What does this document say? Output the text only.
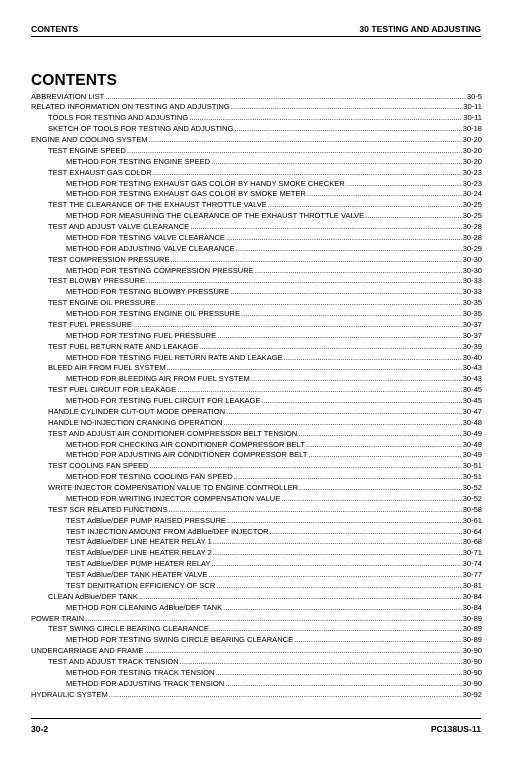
CONTENTS	30 TESTING AND ADJUSTING
CONTENTS
ABBREVIATION LIST .....	30-5
RELATED INFORMATION ON TESTING AND ADJUSTING .....	30-11
TOOLS FOR TESTING AND ADJUSTING .....	30-11
SKETCH OF TOOLS FOR TESTING AND ADJUSTING .....	30-18
ENGINE AND COOLING SYSTEM .....	30-20
TEST ENGINE SPEED .....	30-20
METHOD FOR TESTING ENGINE SPEED .....	30-20
TEST EXHAUST GAS COLOR .....	30-23
METHOD FOR TESTING EXHAUST GAS COLOR BY HANDY SMOKE CHECKER .....	30-23
METHOD FOR TESTING EXHAUST GAS COLOR BY SMOKE METER .....	30-24
TEST THE CLEARANCE OF THE EXHAUST THROTTLE VALVE .....	30-25
METHOD FOR MEASURING THE CLEARANCE OF THE EXHAUST THROTTLE VALVE .....	30-25
TEST AND ADJUST VALVE CLEARANCE .....	30-28
METHOD FOR TESTING VALVE CLEARANCE .....	30-28
METHOD FOR ADJUSTING VALVE CLEARANCE .....	30-29
TEST COMPRESSION PRESSURE .....	30-30
METHOD FOR TESTING COMPRESSION PRESSURE .....	30-30
TEST BLOWBY PRESSURE .....	30-33
METHOD FOR TESTING BLOWBY PRESSURE .....	30-33
TEST ENGINE OIL PRESSURE .....	30-35
METHOD FOR TESTING ENGINE OIL PRESSURE .....	30-35
TEST FUEL PRESSURE .....	30-37
METHOD FOR TESTING FUEL PRESSURE .....	30-37
TEST FUEL RETURN RATE AND LEAKAGE .....	30-39
METHOD FOR TESTING FUEL RETURN RATE AND LEAKAGE .....	30-40
BLEED AIR FROM FUEL SYSTEM .....	30-43
METHOD FOR BLEEDING AIR FROM FUEL SYSTEM .....	30-43
TEST FUEL CIRCUIT FOR LEAKAGE .....	30-45
METHOD FOR TESTING FUEL CIRCUIT FOR LEAKAGE .....	30-45
HANDLE CYLINDER CUT-OUT MODE OPERATION .....	30-47
HANDLE NO-INJECTION CRANKING OPERATION .....	30-48
TEST AND ADJUST AIR CONDITIONER COMPRESSOR BELT TENSION .....	30-49
METHOD FOR CHECKING AIR CONDITIONER COMPRESSOR BELT .....	30-49
METHOD FOR ADJUSTING AIR CONDITIONER COMPRESSOR BELT .....	30-49
TEST COOLING FAN SPEED .....	30-51
METHOD FOR TESTING COOLING FAN SPEED .....	30-51
WRITE INJECTOR COMPENSATION VALUE TO ENGINE CONTROLLER .....	30-52
METHOD FOR WRITING INJECTOR COMPENSATION VALUE .....	30-52
TEST SCR RELATED FUNCTIONS .....	30-58
TEST AdBlue/DEF PUMP RAISED PRESSURE .....	30-61
TEST INJECTION AMOUNT FROM AdBlue/DEF INJECTOR .....	30-64
TEST AdBlue/DEF LINE HEATER RELAY 1 .....	30-68
TEST AdBlue/DEF LINE HEATER RELAY 2 .....	30-71
TEST AdBlue/DEF PUMP HEATER RELAY .....	30-74
TEST AdBlue/DEF TANK HEATER VALVE .....	30-77
TEST DENITRATION EFFICIENCY OF SCR .....	30-81
CLEAN AdBlue/DEF TANK .....	30-84
METHOD FOR CLEANING AdBlue/DEF TANK .....	30-84
POWER TRAIN .....	30-89
TEST SWING CIRCLE BEARING CLEARANCE .....	30-89
METHOD FOR TESTING SWING CIRCLE BEARING CLEARANCE .....	30-89
UNDERCARRIAGE AND FRAME .....	30-90
TEST AND ADJUST TRACK TENSION .....	30-90
METHOD FOR TESTING TRACK TENSION .....	30-90
METHOD FOR ADJUSTING TRACK TENSION .....	30-90
HYDRAULIC SYSTEM .....	30-92
30-2	PC138US-11
